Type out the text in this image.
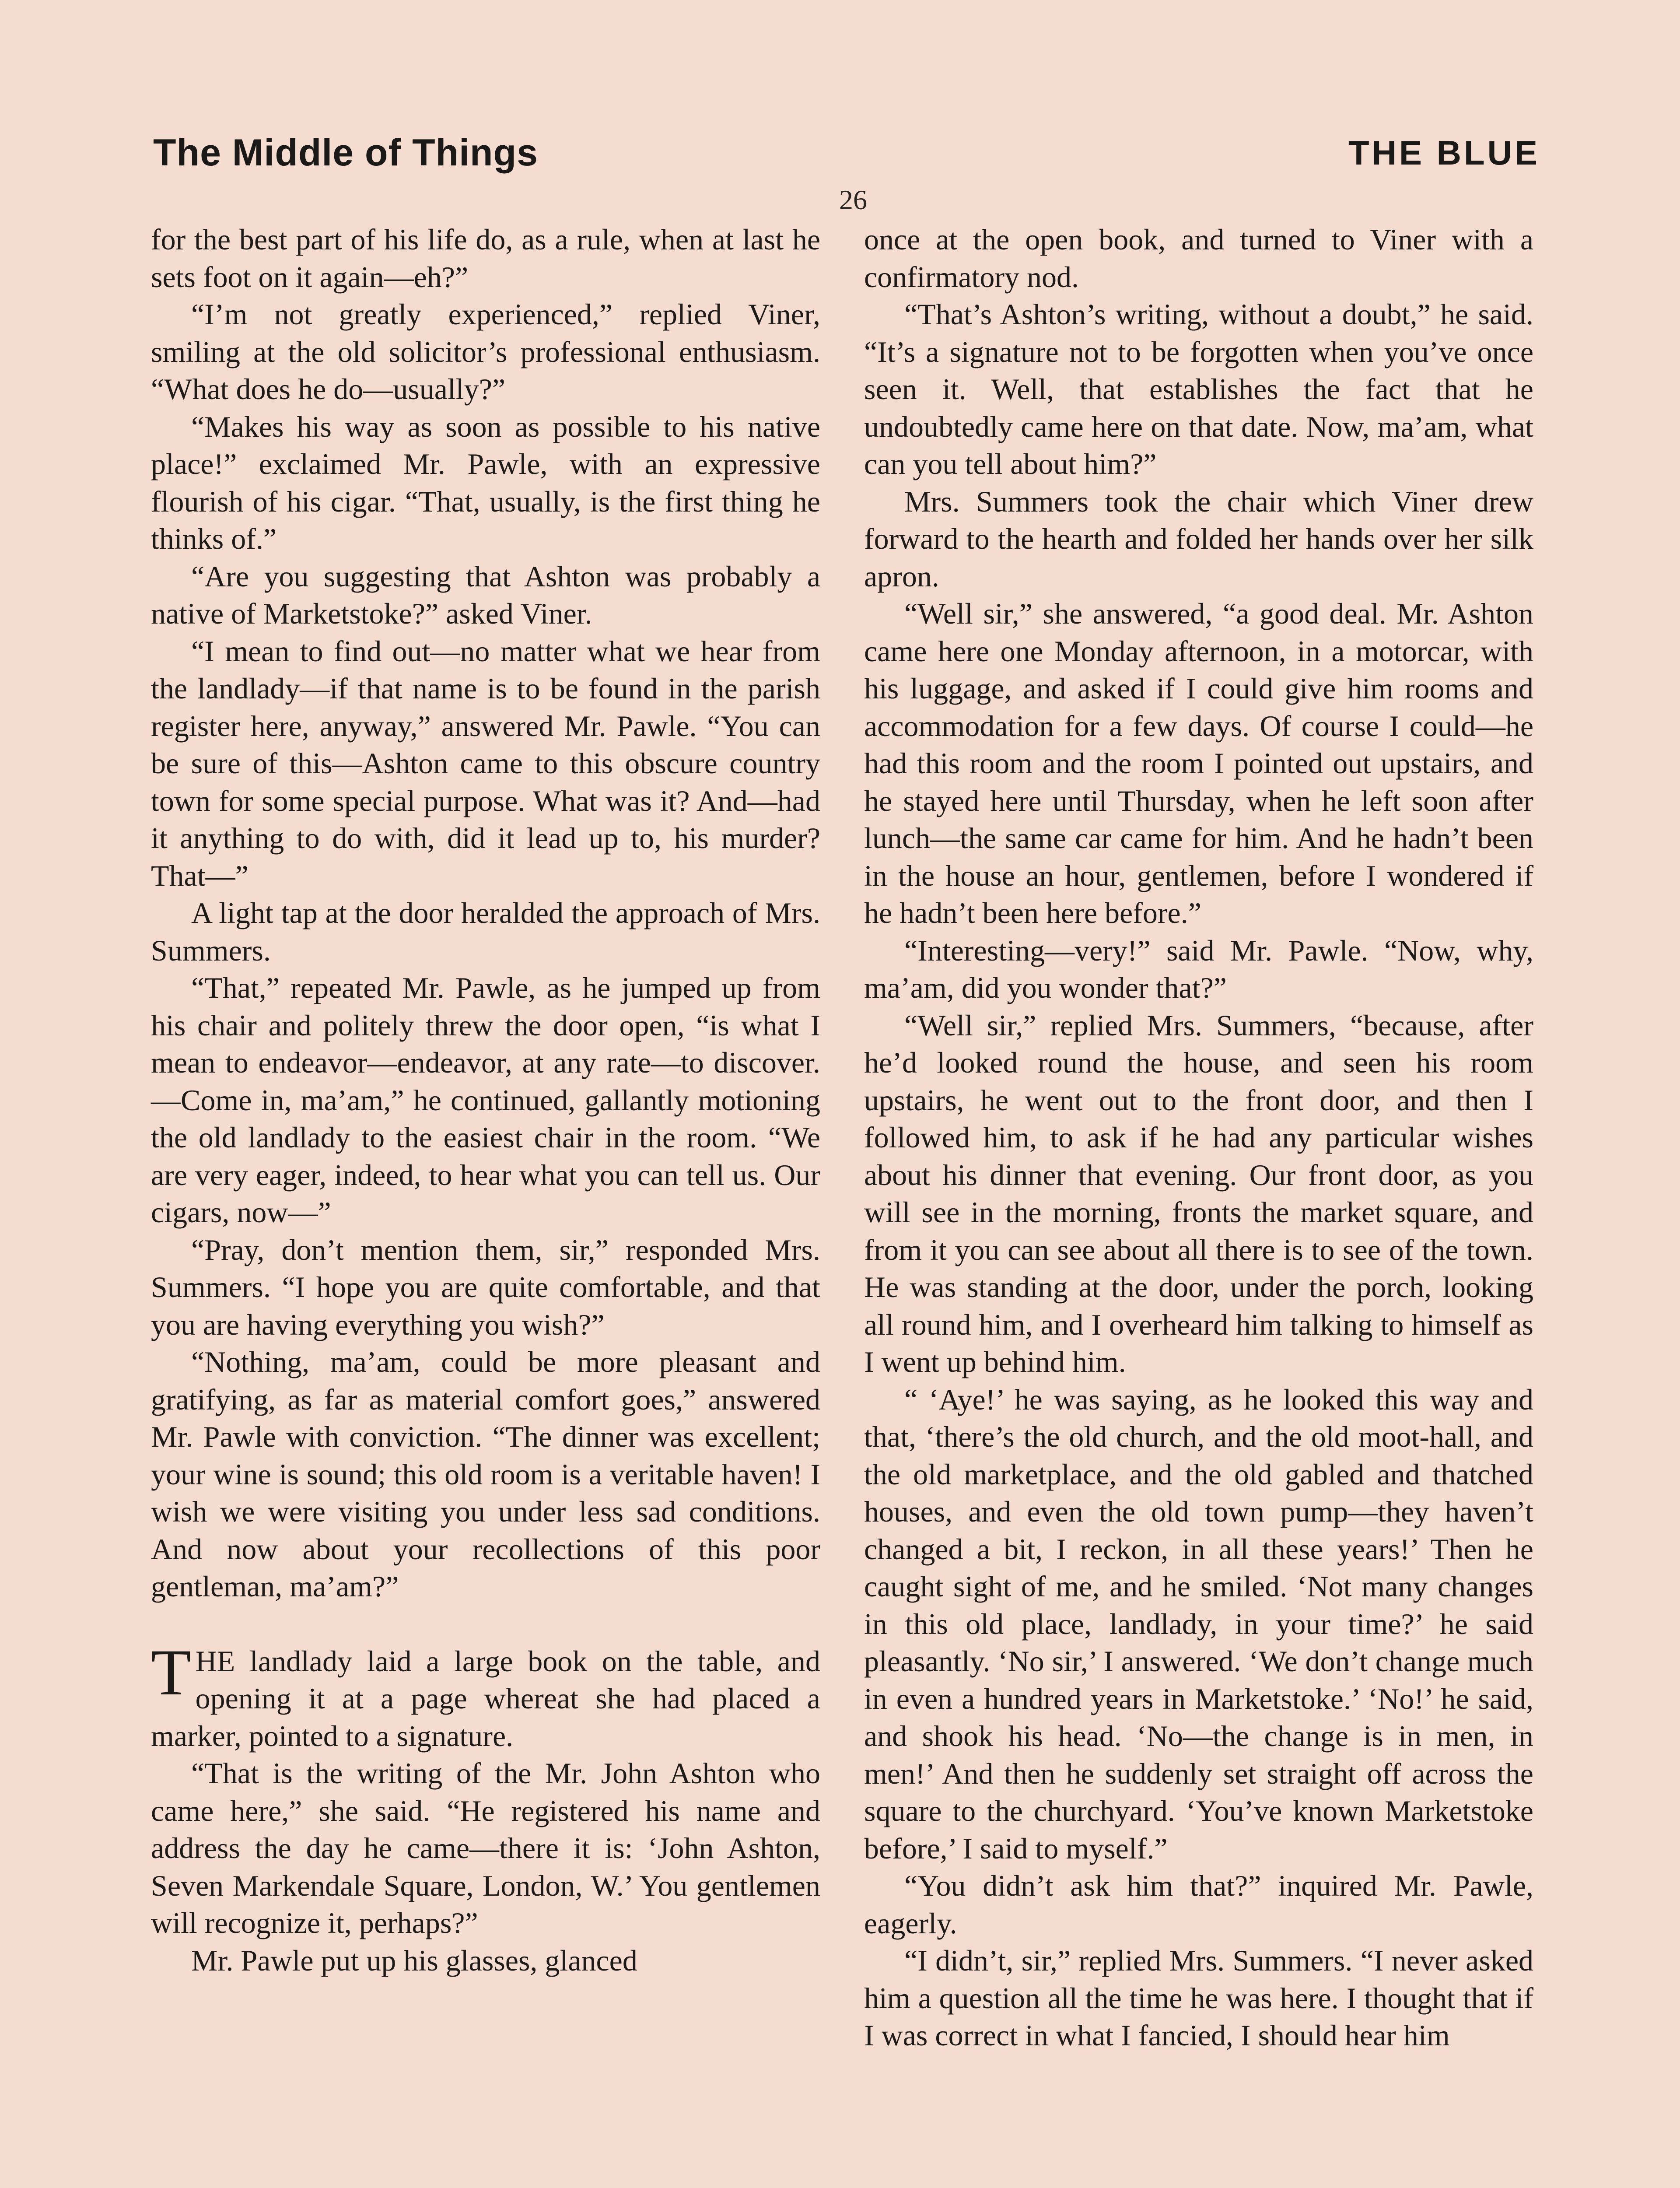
The Middle of Things	THE BLUE
26

for the best part of his life do, as a rule, when at last he sets foot on it again—eh?”

“I’m not greatly experienced,” replied Viner, smiling at the old solicitor’s professional enthusiasm. “What does he do—usually?”

“Makes his way as soon as possible to his native place!” exclaimed Mr. Pawle, with an expressive flourish of his cigar. “That, usually, is the first thing he thinks of.”

“Are you suggesting that Ashton was probably a native of Marketstoke?” asked Viner.

“I mean to find out—no matter what we hear from the landlady—if that name is to be found in the parish register here, anyway,” answered Mr. Pawle. “You can be sure of this—Ashton came to this obscure country town for some special purpose. What was it? And—had it anything to do with, did it lead up to, his murder? That—”

A light tap at the door heralded the approach of Mrs. Summers.

“That,” repeated Mr. Pawle, as he jumped up from his chair and politely threw the door open, “is what I mean to endeavor—endeavor, at any rate—to discover. —Come in, ma’am,” he continued, gallantly motioning the old landlady to the easiest chair in the room. “We are very eager, indeed, to hear what you can tell us. Our cigars, now—”

“Pray, don’t mention them, sir,” responded Mrs. Summers. “I hope you are quite comfortable, and that you are having everything you wish?”

“Nothing, ma’am, could be more pleasant and gratifying, as far as material comfort goes,” answered Mr. Pawle with conviction. “The dinner was excellent; your wine is sound; this old room is a veritable haven! I wish we were visiting you under less sad conditions. And now about your recollections of this poor gentleman, ma’am?”

THE landlady laid a large book on the table, and opening it at a page whereat she had placed a marker, pointed to a signature.

“That is the writing of the Mr. John Ashton who came here,” she said. “He registered his name and address the day he came—there it is: ‘John Ashton, Seven Markendale Square, London, W.’ You gentlemen will recognize it, perhaps?”

Mr. Pawle put up his glasses, glanced

once at the open book, and turned to Viner with a confirmatory nod.

“That’s Ashton’s writing, without a doubt,” he said. “It’s a signature not to be forgotten when you’ve once seen it. Well, that establishes the fact that he undoubtedly came here on that date. Now, ma’am, what can you tell about him?”

Mrs. Summers took the chair which Viner drew forward to the hearth and folded her hands over her silk apron.

“Well sir,” she answered, “a good deal. Mr. Ashton came here one Monday afternoon, in a motorcar, with his luggage, and asked if I could give him rooms and accommodation for a few days. Of course I could—he had this room and the room I pointed out upstairs, and he stayed here until Thursday, when he left soon after lunch—the same car came for him. And he hadn’t been in the house an hour, gentlemen, before I wondered if he hadn’t been here before.”

“Interesting—very!” said Mr. Pawle. “Now, why, ma’am, did you wonder that?”

“Well sir,” replied Mrs. Summers, “because, after he’d looked round the house, and seen his room upstairs, he went out to the front door, and then I followed him, to ask if he had any particular wishes about his dinner that evening. Our front door, as you will see in the morning, fronts the market square, and from it you can see about all there is to see of the town. He was standing at the door, under the porch, looking all round him, and I overheard him talking to himself as I went up behind him.

“ ‘Aye!’ he was saying, as he looked this way and that, ‘there’s the old church, and the old moot-hall, and the old marketplace, and the old gabled and thatched houses, and even the old town pump—they haven’t changed a bit, I reckon, in all these years!’ Then he caught sight of me, and he smiled. ‘Not many changes in this old place, landlady, in your time?’ he said pleasantly. ‘No sir,’ I answered. ‘We don’t change much in even a hundred years in Marketstoke.’ ‘No!’ he said, and shook his head. ‘No—the change is in men, in men!’ And then he suddenly set straight off across the square to the churchyard. ‘You’ve known Marketstoke before,’ I said to myself.”

“You didn’t ask him that?” inquired Mr. Pawle, eagerly.

“I didn’t, sir,” replied Mrs. Summers. “I never asked him a question all the time he was here. I thought that if I was correct in what I fancied, I should hear him
